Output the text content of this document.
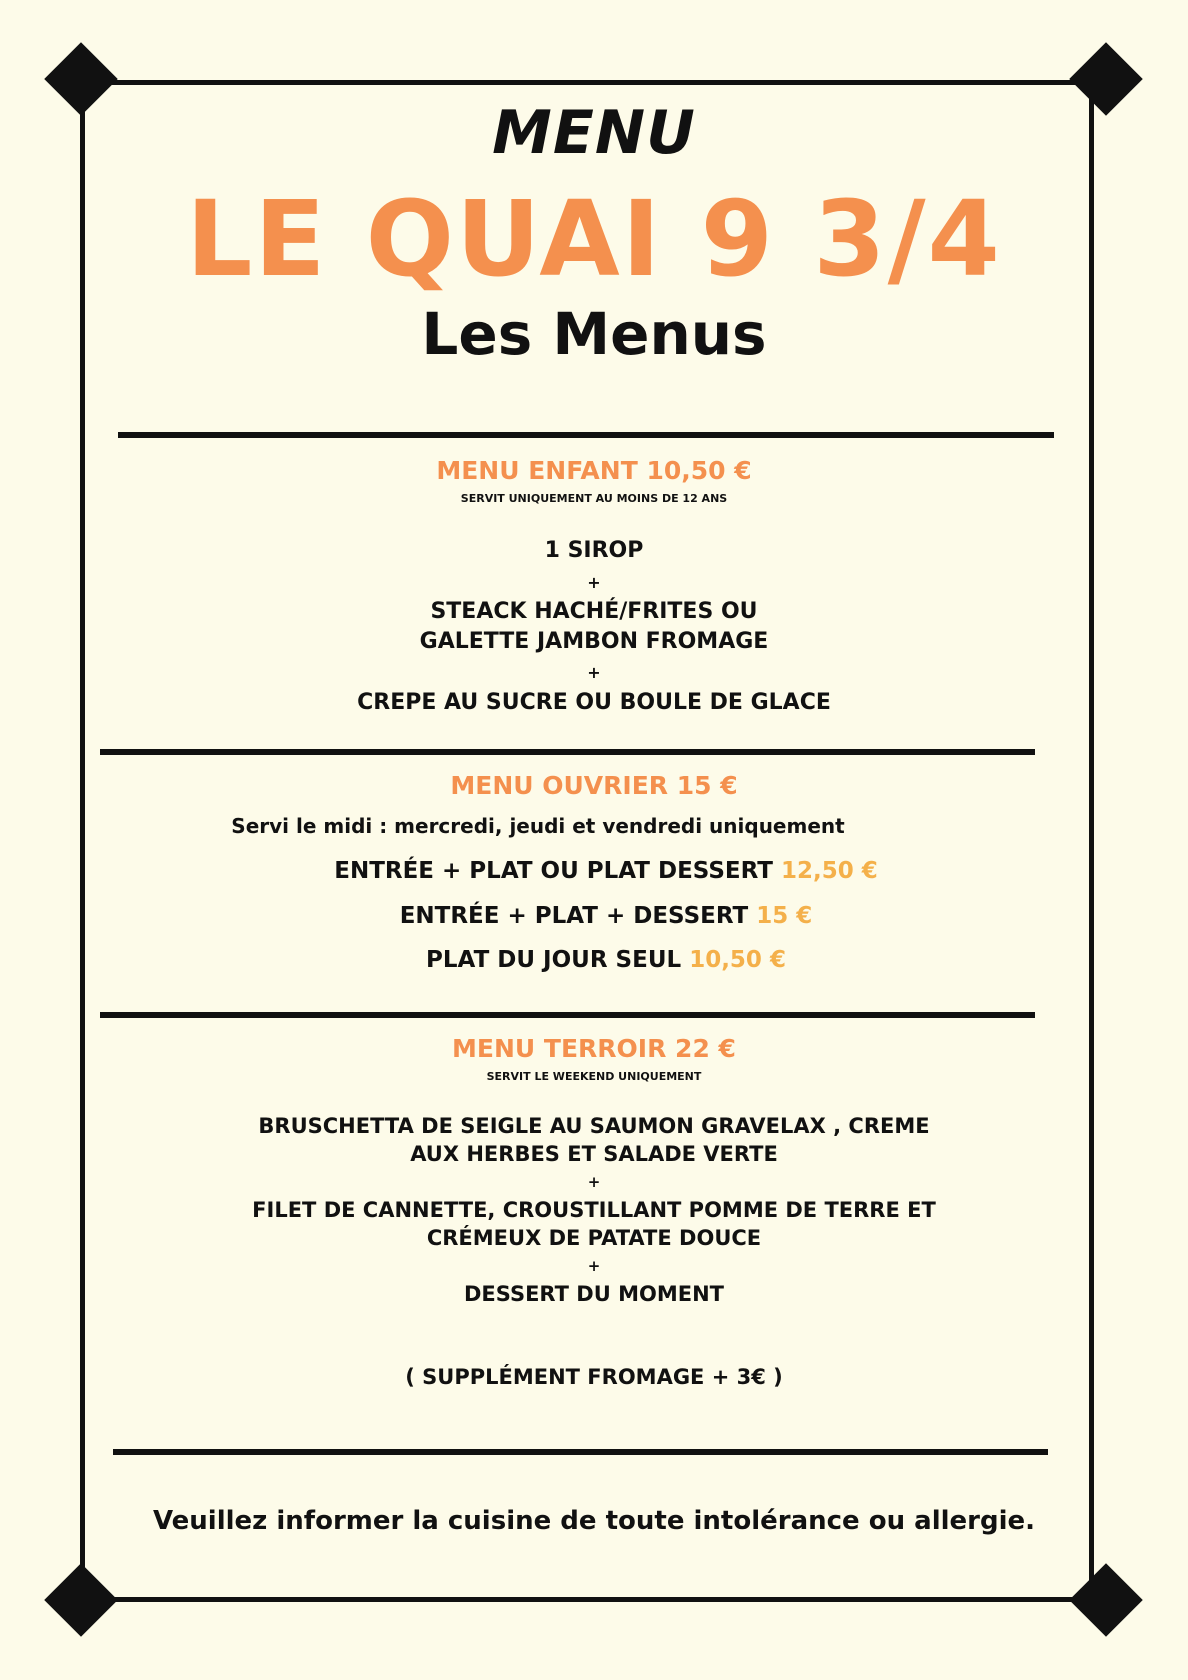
MENU
LE QUAI 9 3/4
Les Menus
MENU ENFANT 10,50 €
SERVIT UNIQUEMENT AU MOINS DE 12 ANS
1 SIROP
+
STEACK HACHÉ/FRITES OU
GALETTE JAMBON FROMAGE
+
CREPE AU SUCRE OU BOULE DE GLACE
MENU OUVRIER 15 €
Servi le midi : mercredi, jeudi et vendredi uniquement
ENTRÉE + PLAT OU PLAT DESSERT 12,50 €
ENTRÉE + PLAT + DESSERT 15 €
PLAT DU JOUR SEUL 10,50 €
MENU TERROIR 22 €
SERVIT LE WEEKEND UNIQUEMENT
BRUSCHETTA DE SEIGLE AU SAUMON GRAVELAX , CREME
AUX HERBES ET SALADE VERTE
+
FILET DE CANNETTE, CROUSTILLANT POMME DE TERRE ET
CRÉMEUX DE PATATE DOUCE
+
DESSERT DU MOMENT
( SUPPLÉMENT FROMAGE + 3€ )
Veuillez informer la cuisine de toute intolérance ou allergie.
